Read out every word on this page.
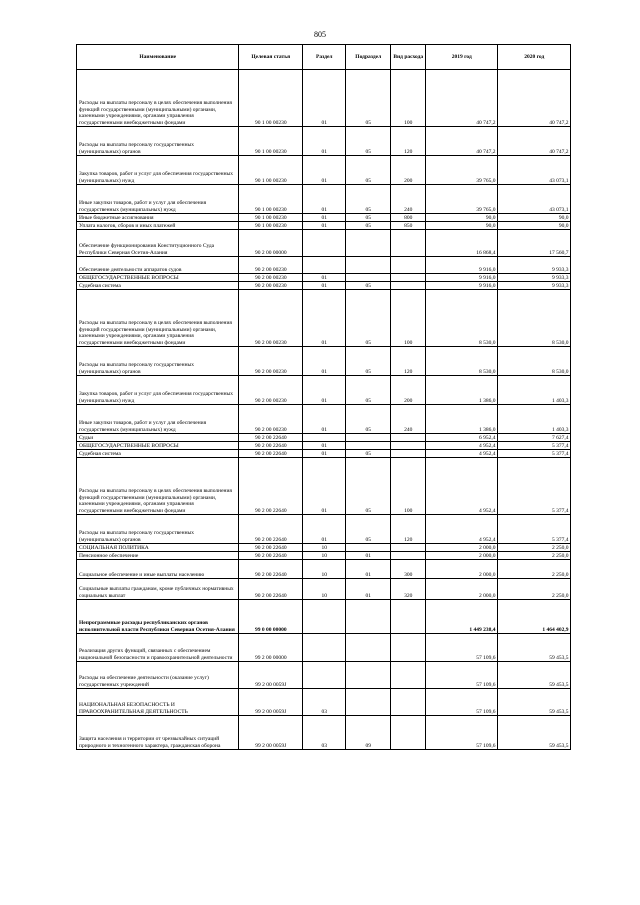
805
Наименование	Целевая статья	Раздел	Подраздел	Вид расхода	2019 год	2020 год
Расходы на выплаты персоналу в целях обеспечения выполнения функций государственными (муниципальными) органами, казенными учреждениями, органами управления государственными внебюджетными фондами	90 1 00 00230	01	05	100	40 747,2	40 747,2
Расходы на выплаты персоналу государственных (муниципальных) органов	90 1 00 00230	01	05	120	40 747,2	40 747,2
Закупка товаров, работ и услуг для обеспечения государственных (муниципальных) нужд	90 1 00 00230	01	05	200	39 765,0	43 073,1
Иные закупки товаров, работ и услуг для обеспечения государственных (муниципальных) нужд	90 1 00 00230	01	05	240	39 765,0	43 073,1
Иные бюджетные ассигнования	90 1 00 00230	01	05	800	90,0	90,0
Уплата налогов, сборов и иных платежей	90 1 00 00230	01	05	850	90,0	90,0
Обеспечение функционирования Конституционного Суда Республики Северная Осетия-Алания	90 2 00 00000				16 868,4	17 560,7
Обеспечение деятельности аппаратов судов	90 2 00 00230				9 916,0	9 933,3
ОБЩЕГОСУДАРСТВЕННЫЕ ВОПРОСЫ	90 2 00 00230	01			9 916,0	9 933,3
Судебная система	90 2 00 00230	01	05		9 916,0	9 933,3
Расходы на выплаты персоналу в целях обеспечения выполнения функций государственными (муниципальными) органами, казенными учреждениями, органами управления государственными внебюджетными фондами	90 2 00 00230	01	05	100	8 530,0	8 530,0
Расходы на выплаты персоналу государственных (муниципальных) органов	90 2 00 00230	01	05	120	8 530,0	8 530,0
Закупка товаров, работ и услуг для обеспечения государственных (муниципальных) нужд	90 2 00 00230	01	05	200	1 386,0	1 403,3
Иные закупки товаров, работ и услуг для обеспечения государственных (муниципальных) нужд	90 2 00 00230	01	05	240	1 386,0	1 403,3
Судьи	90 2 00 22640				6 952,4	7 627,4
ОБЩЕГОСУДАРСТВЕННЫЕ ВОПРОСЫ	90 2 00 22640	01			4 952,4	5 377,4
Судебная система	90 2 00 22640	01	05		4 952,4	5 377,4
Расходы на выплаты персоналу в целях обеспечения выполнения функций государственными (муниципальными) органами, казенными учреждениями, органами управления государственными внебюджетными фондами	90 2 00 22640	01	05	100	4 952,4	5 377,4
Расходы на выплаты персоналу государственных (муниципальных) органов	90 2 00 22640	01	05	120	4 952,4	5 377,4
СОЦИАЛЬНАЯ ПОЛИТИКА	90 2 00 22640	10			2 000,0	2 250,0
Пенсионное обеспечение	90 2 00 22640	10	01		2 000,0	2 250,0
Социальное обеспечение и иные выплаты населению	90 2 00 22640	10	01	300	2 000,0	2 250,0
Социальные выплаты гражданам, кроме публичных нормативных социальных выплат	90 2 00 22640	10	01	320	2 000,0	2 250,0
Непрограммные расходы республиканских органов исполнительной власти Республики Северная Осетия-Алания	99 0 00 00000				1 449 238,4	1 464 402,9
Реализация других функций, связанных с обеспечением национальной безопасности и правоохранительной деятельности	99 2 00 00000				57 109,6	59 453,5
Расходы на обеспечение деятельности (оказание услуг) государственных учреждений	99 2 00 0059J				57 109,6	59 453,5
НАЦИОНАЛЬНАЯ БЕЗОПАСНОСТЬ И ПРАВООХРАНИТЕЛЬНАЯ ДЕЯТЕЛЬНОСТЬ	99 2 00 0059J	03			57 109,6	59 453,5
Защита населения и территории от чрезвычайных ситуаций природного и техногенного характера, гражданская оборона	99 2 00 0059J	03	09		57 109,6	59 453,5
